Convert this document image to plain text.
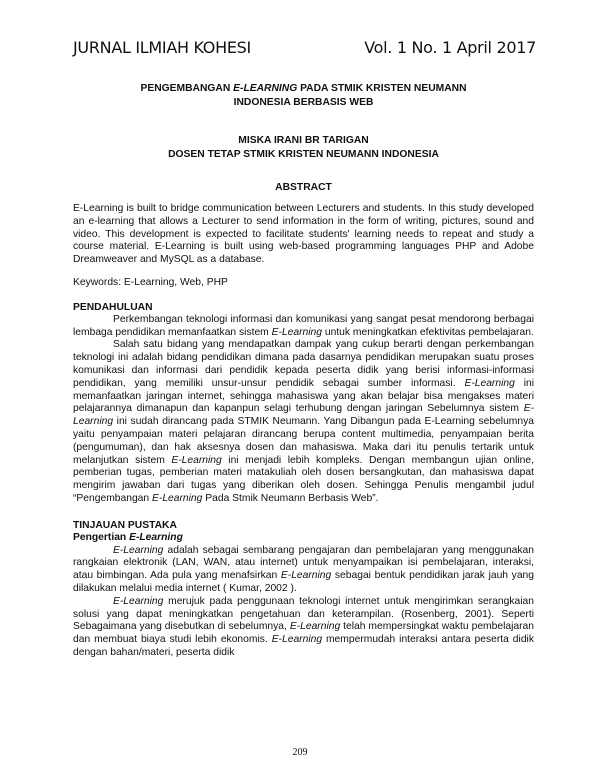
JURNAL ILMIAH KOHESI	Vol. 1 No. 1 April 2017
PENGEMBANGAN E-LEARNING PADA STMIK KRISTEN NEUMANN
INDONESIA BERBASIS WEB
MISKA IRANI BR TARIGAN
DOSEN TETAP STMIK KRISTEN NEUMANN INDONESIA
ABSTRACT

E-Learning is built to bridge communication between Lecturers and students. In this study developed an e-learning that allows a Lecturer to send information in the form of writing, pictures, sound and video. This development is expected to facilitate students' learning needs to repeat and study a course material. E-Learning is built using web-based programming languages PHP and Adobe Dreamweaver and MySQL as a database.

Keywords: E-Learning, Web, PHP

PENDAHULUAN

Perkembangan teknologi informasi dan komunikasi yang sangat pesat mendorong berbagai lembaga pendidikan memanfaatkan sistem E-Learning untuk meningkatkan efektivitas pembelajaran.

Salah satu bidang yang mendapatkan dampak yang cukup berarti dengan perkembangan teknologi ini adalah bidang pendidikan dimana pada dasarnya pendidikan merupakan suatu proses komunikasi dan informasi dari pendidik kepada peserta didik yang berisi informasi-informasi pendidikan, yang memiliki unsur-unsur pendidik sebagai sumber informasi. E-Learning ini memanfaatkan jaringan internet, sehingga mahasiswa yang akan belajar bisa mengakses materi pelajarannya dimanapun dan kapanpun selagi terhubung dengan jaringan Sebelumnya sistem E-Learning ini sudah dirancang pada STMIK Neumann. Yang Dibangun pada E-Learning sebelumnya yaitu penyampaian materi pelajaran dirancang berupa content multimedia, penyampaian berita (pengumuman), dan hak aksesnya dosen dan mahasiswa. Maka dari itu penulis tertarik untuk melanjutkan sistem E-Learning ini menjadi lebih kompleks. Dengan membangun ujian online, pemberian tugas, pemberian materi matakuliah oleh dosen bersangkutan, dan mahasiswa dapat mengirim jawaban dari tugas yang diberikan oleh dosen. Sehingga Penulis mengambil judul “Pengembangan E-Learning Pada Stmik Neumann Berbasis Web”.

TINJAUAN PUSTAKA
Pengertian E-Learning

E-Learning adalah sebagai sembarang pengajaran dan pembelajaran yang menggunakan rangkaian elektronik (LAN, WAN, atau internet) untuk menyampaikan isi pembelajaran, interaksi, atau bimbingan. Ada pula yang menafsirkan E-Learning sebagai bentuk pendidikan jarak jauh yang dilakukan melalui media internet ( Kumar, 2002 ).

E-Learning merujuk pada penggunaan teknologi internet untuk mengirimkan serangkaian solusi yang dapat meningkatkan pengetahuan dan keterampilan. (Rosenberg, 2001). Seperti Sebagaimana yang disebutkan di sebelumnya, E-Learning telah mempersingkat waktu pembelajaran dan membuat biaya studi lebih ekonomis. E-Learning mempermudah interaksi antara peserta didik dengan bahan/materi, peserta didik

209
